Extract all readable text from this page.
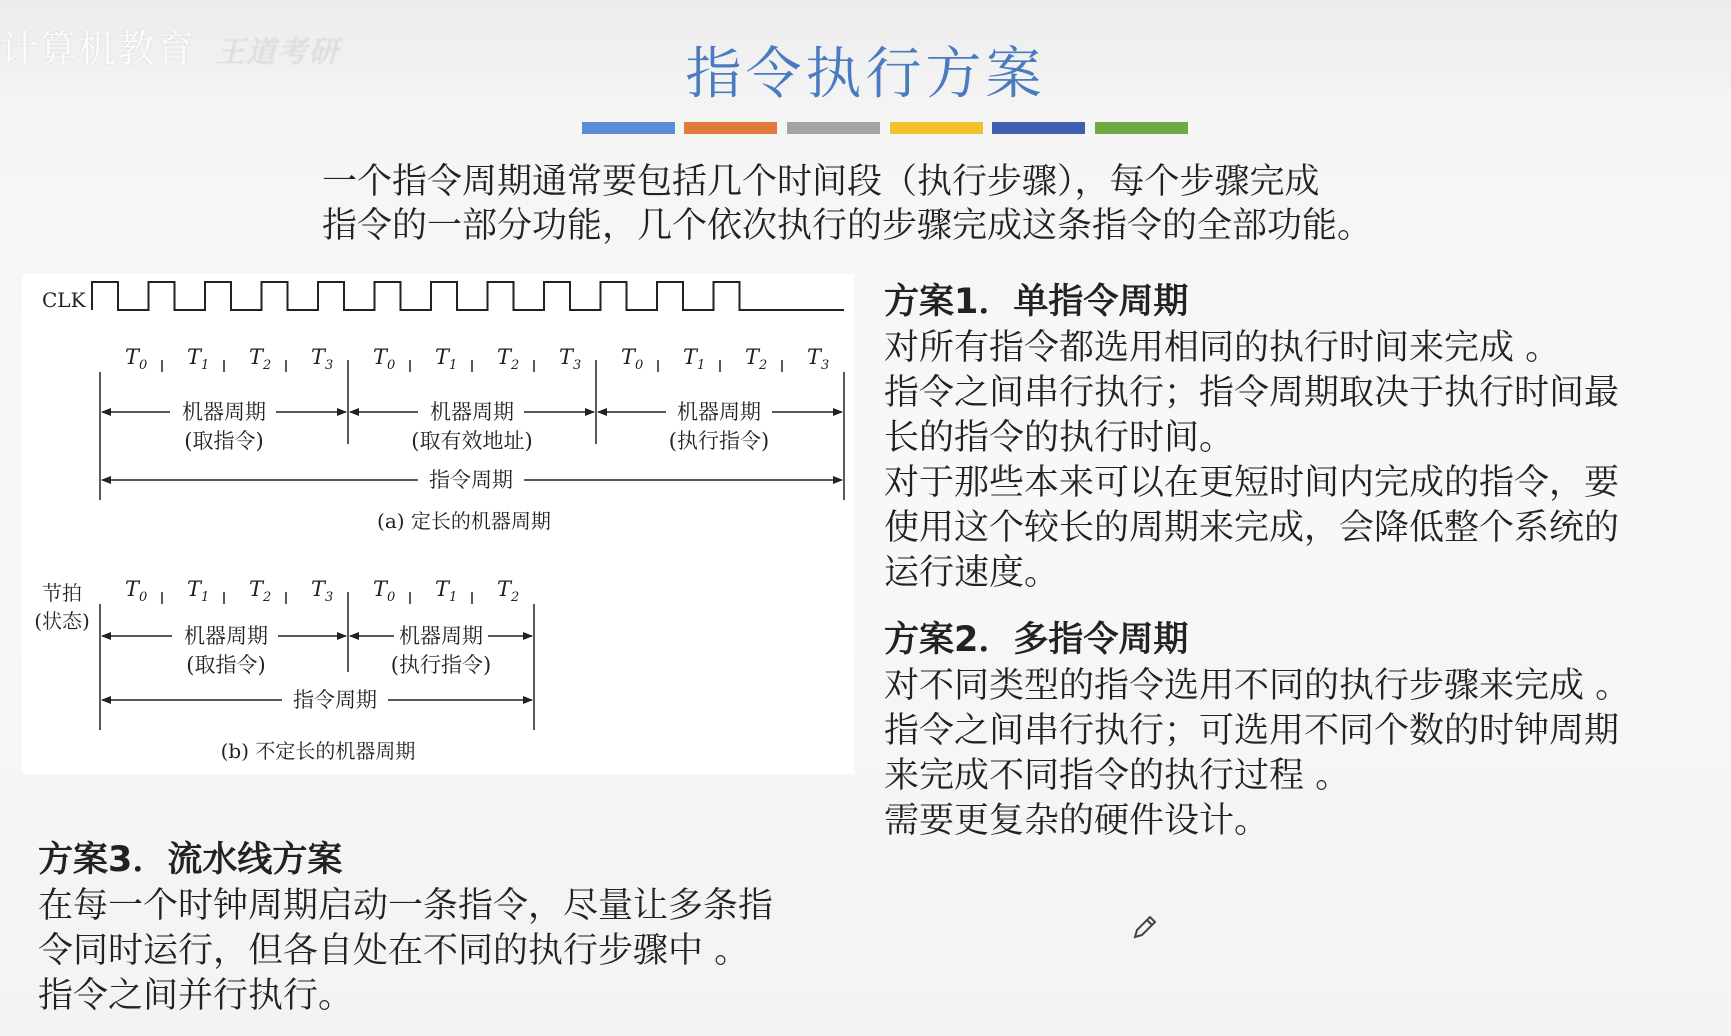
计算机教育 王道考研	指令执行方案
一个指令周期通常要包括几个时间段（执行步骤），每个步骤完成
指令的一部分功能，几个依次执行的步骤完成这条指令的全部功能。
CLK
$T_0$ $T_1$ $T_2$ $T_3$ $T_0$ $T_1$ $T_2$ $T_3$ $T_0$ $T_1$ $T_2$ $T_3$
机器周期
(取指令)
机器周期
(取有效地址)
机器周期
(执行指令)
指令周期
(a) 定长的机器周期
节拍
(状态)
$T_0$ $T_1$ $T_2$ $T_3$ $T_0$ $T_1$ $T_2$
机器周期
(取指令)
机器周期
(执行指令)
指令周期
(b) 不定长的机器周期
方案1．单指令周期

对所有指令都选用相同的执行时间来完成 。

指令之间串行执行；指令周期取决于执行时间最

长的指令的执行时间。

对于那些本来可以在更短时间内完成的指令，要

使用这个较长的周期来完成，会降低整个系统的

运行速度。

方案2．多指令周期

对不同类型的指令选用不同的执行步骤来完成 。

指令之间串行执行；可选用不同个数的时钟周期

来完成不同指令的执行过程 。

需要更复杂的硬件设计。

方案3．流水线方案

在每一个时钟周期启动一条指令，尽量让多条指

令同时运行，但各自处在不同的执行步骤中 。

指令之间并行执行。
